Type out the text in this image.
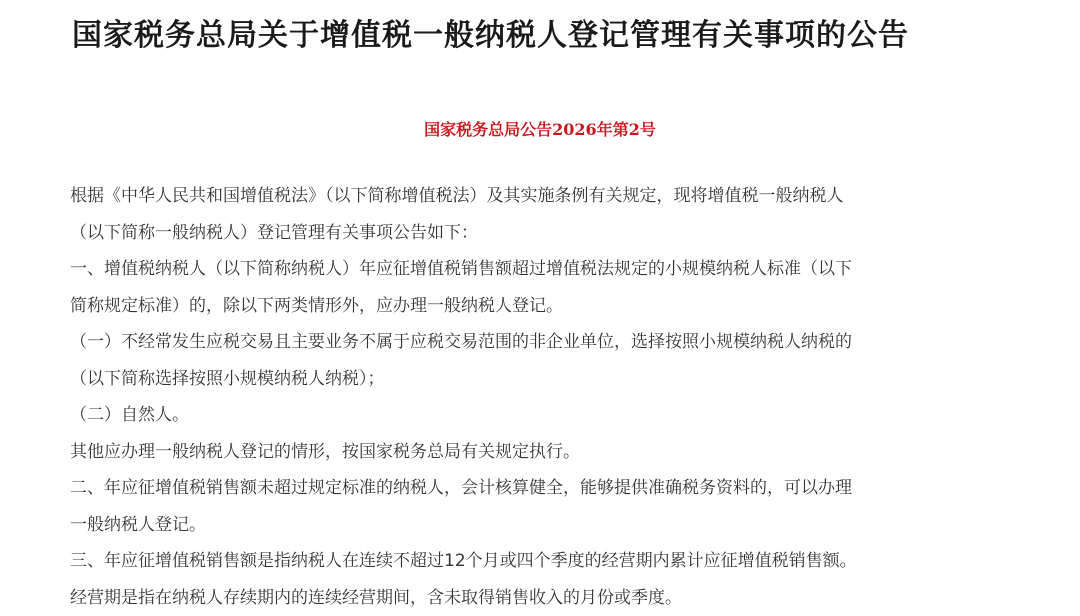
国家税务总局关于增值税一般纳税人登记管理有关事项的公告
国家税务总局公告2026年第2号
根据《中华人民共和国增值税法》（以下简称增值税法）及其实施条例有关规定，现将增值税一般纳税人
（以下简称一般纳税人）登记管理有关事项公告如下：
一、增值税纳税人（以下简称纳税人）年应征增值税销售额超过增值税法规定的小规模纳税人标准（以下
简称规定标准）的，除以下两类情形外，应办理一般纳税人登记。
（一）不经常发生应税交易且主要业务不属于应税交易范围的非企业单位，选择按照小规模纳税人纳税的
（以下简称选择按照小规模纳税人纳税）；
（二）自然人。
其他应办理一般纳税人登记的情形，按国家税务总局有关规定执行。
二、年应征增值税销售额未超过规定标准的纳税人，会计核算健全，能够提供准确税务资料的，可以办理
一般纳税人登记。
三、年应征增值税销售额是指纳税人在连续不超过12个月或四个季度的经营期内累计应征增值税销售额。
经营期是指在纳税人存续期内的连续经营期间，含未取得销售收入的月份或季度。
